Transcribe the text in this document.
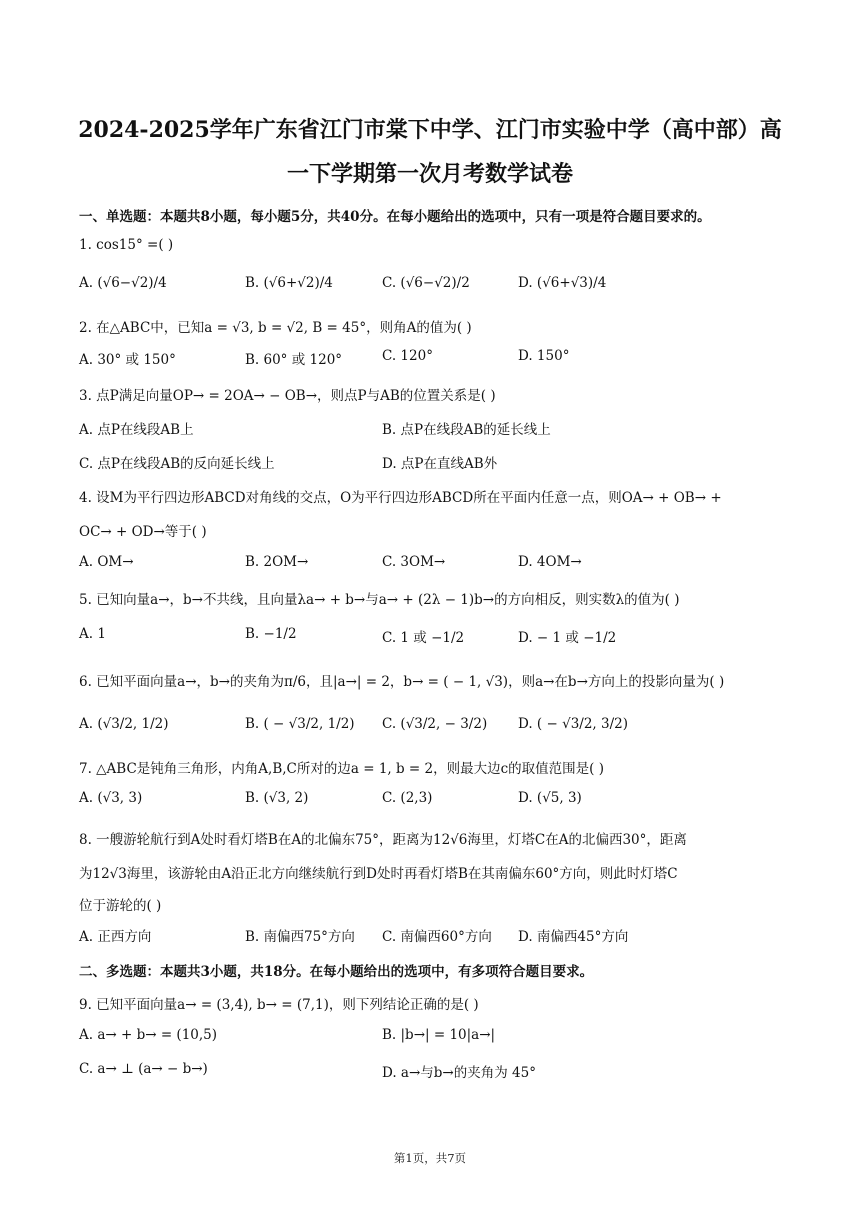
2024-2025学年广东省江门市棠下中学、江门市实验中学（高中部）高
一下学期第一次月考数学试卷
一、单选题：本题共8小题，每小题5分，共40分。在每小题给出的选项中，只有一项是符合题目要求的。
1. cos15° =( )
A. (√6−√2)/4	B. (√6+√2)/4	C. (√6−√2)/2	D. (√6+√3)/4
2. 在△ABC中，已知a = √3, b = √2, B = 45°，则角A的值为( )
A. 30° 或 150°	B. 60° 或 120°	C. 120°	D. 150°
3. 点P满足向量OP→ = 2OA→ − OB→，则点P与AB的位置关系是( )
A. 点P在线段AB上	B. 点P在线段AB的延长线上
C. 点P在线段AB的反向延长线上	D. 点P在直线AB外
4. 设M为平行四边形ABCD对角线的交点，O为平行四边形ABCD所在平面内任意一点，则OA→ + OB→ +
OC→ + OD→等于( )
A. OM→	B. 2OM→	C. 3OM→	D. 4OM→
5. 已知向量a→，b→不共线，且向量λa→ + b→与a→ + (2λ − 1)b→的方向相反，则实数λ的值为( )
A. 1	B. −1/2	C. 1 或 −1/2	D. − 1 或 −1/2
6. 已知平面向量a→，b→的夹角为π/6，且|a→| = 2，b→ = ( − 1, √3)，则a→在b→方向上的投影向量为( )
A. (√3/2, 1/2)	B. ( − √3/2, 1/2) C. (√3/2, − 3/2) D. ( − √3/2, 3/2)
7. △ABC是钝角三角形，内角A,B,C所对的边a = 1, b = 2，则最大边c的取值范围是( )
A. (√3, 3)	B. (√3, 2)	C. (2,3)	D. (√5, 3)
8. 一艘游轮航行到A处时看灯塔B在A的北偏东75°，距离为12√6海里，灯塔C在A的北偏西30°，距离
为12√3海里，该游轮由A沿正北方向继续航行到D处时再看灯塔B在其南偏东60°方向，则此时灯塔C
位于游轮的( )
A. 正西方向	B. 南偏西75°方向 C. 南偏西60°方向 D. 南偏西45°方向
二、多选题：本题共3小题，共18分。在每小题给出的选项中，有多项符合题目要求。
9. 已知平面向量a→ = (3,4), b→ = (7,1)，则下列结论正确的是( )
A. a→ + b→ = (10,5)	B. |b→| = 10|a→|
C. a→ ⊥ (a→ − b→)	D. a→与b→的夹角为 45°
第1页，共7页
